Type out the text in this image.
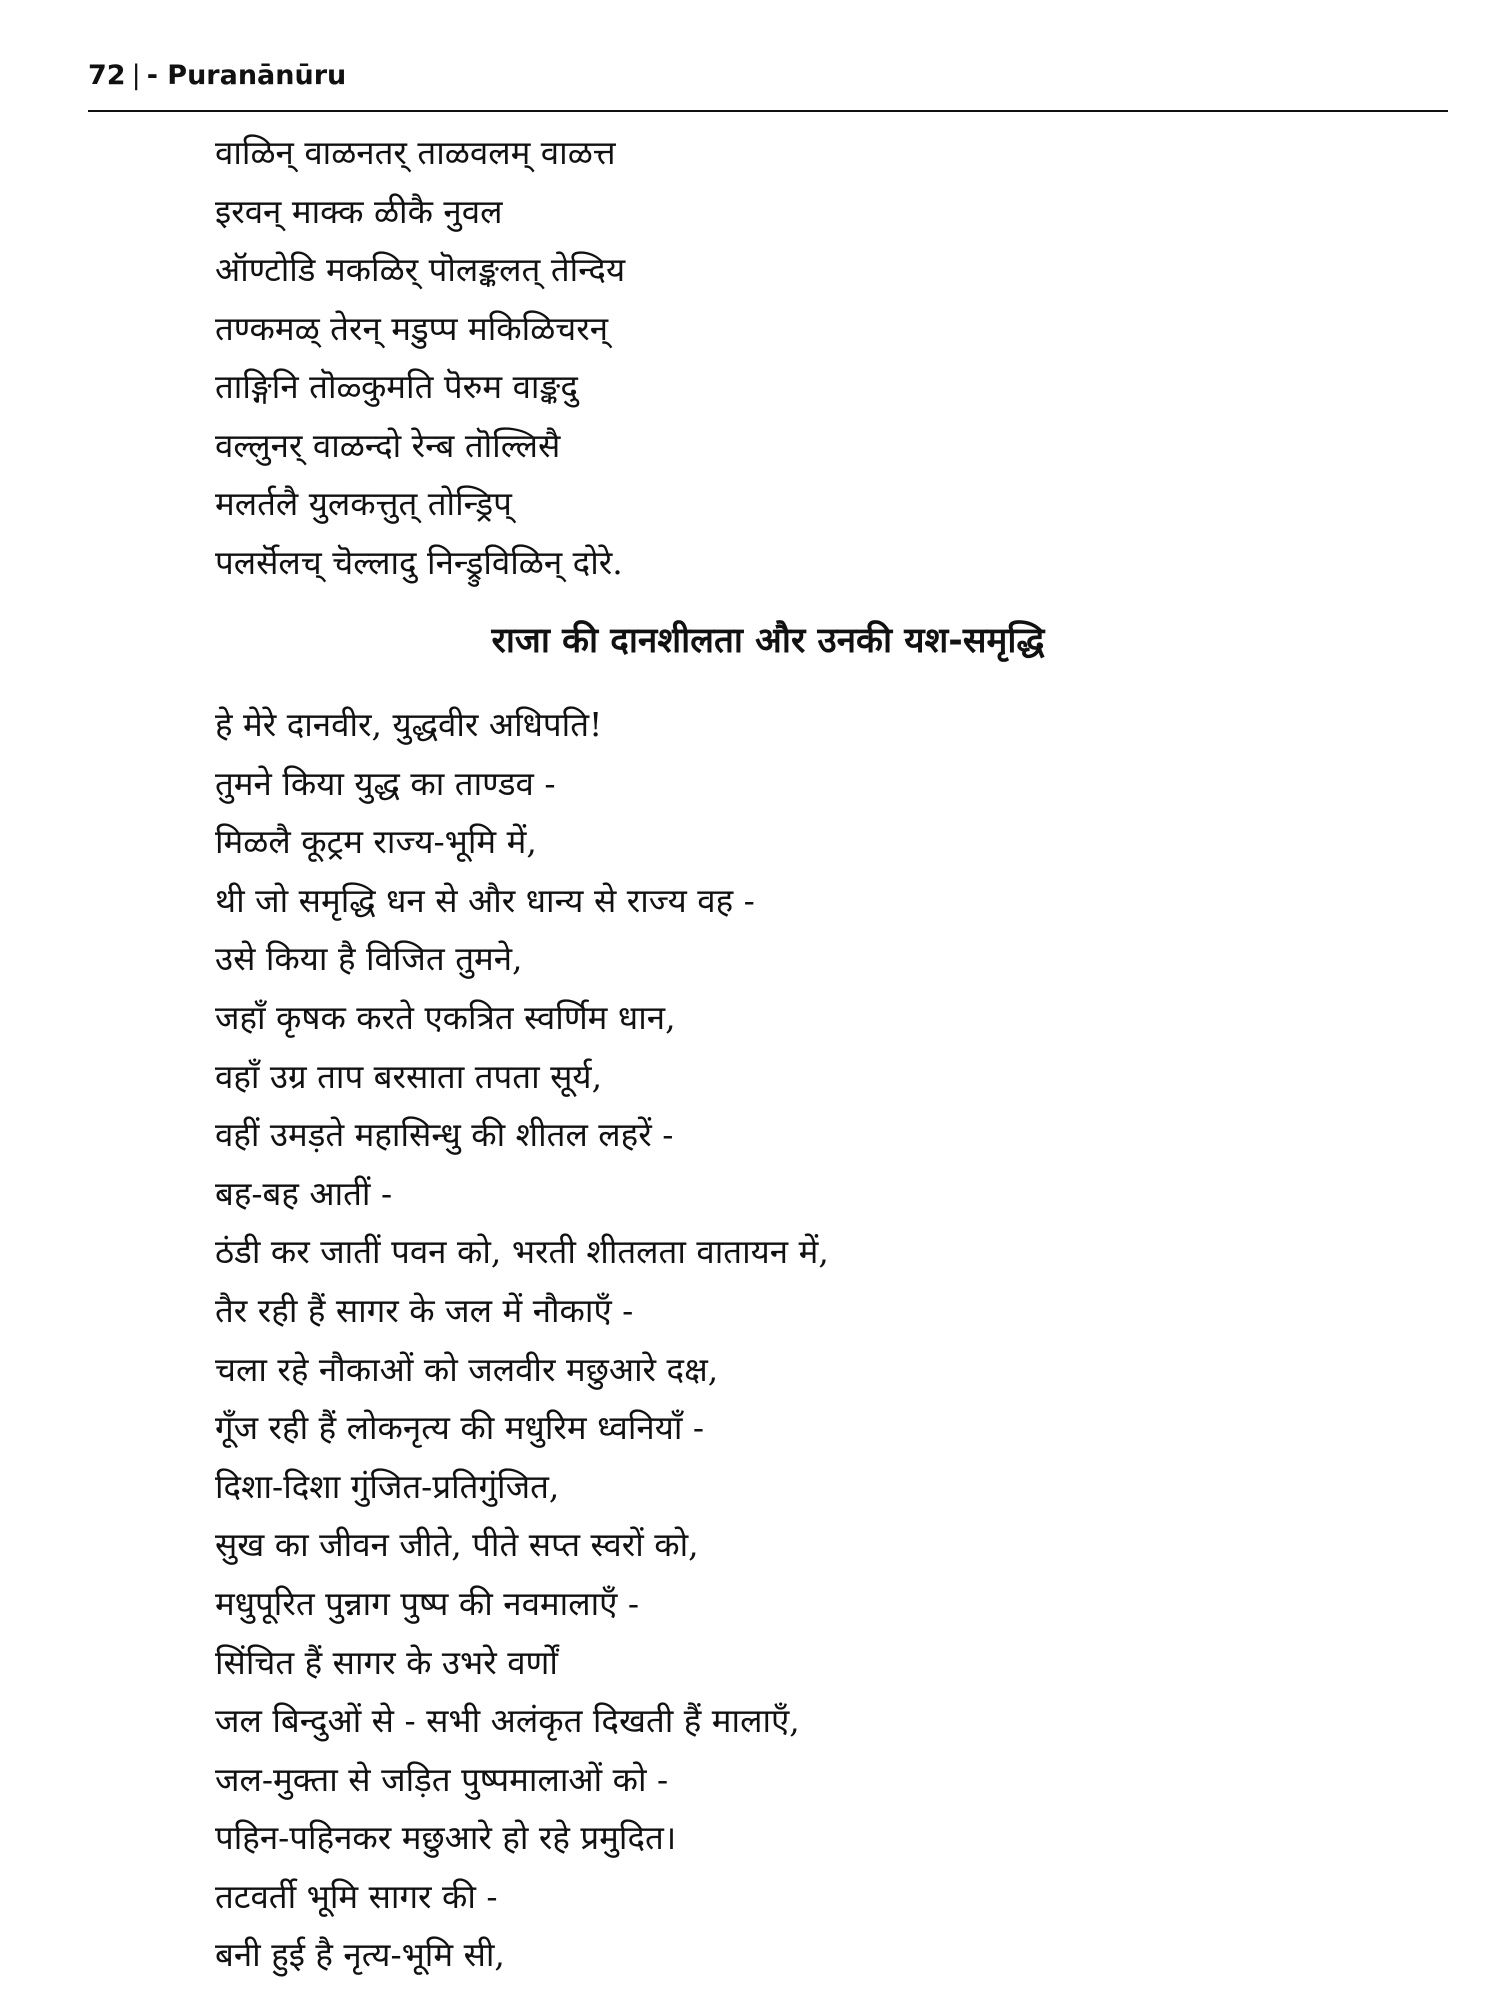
72 | - Puranānūru
वाळिन् वाळनतर् ताळवलम् वाळत्त
इरवन् माक्क ळीकै नुवल
ऑण्टोडि मकळिर् पॊलङ्कलत् तेन्दिय
तण्कमळ् तेरन् मडुप्प मकिळिचरन्
ताङ्गिनि तॊळ्कुमति पॆरुम वाङ्कदु
वल्लुनर् वाळन्दो रेन्ब तॊल्लिसै
मलर्तलै युलकत्तुत् तोन्ड्रिप्
पलर्सॆलच् चॆल्लादु निन्ड्रुविळिन् दोरे.
राजा की दानशीलता और उनकी यश-समृद्धि
हे मेरे दानवीर, युद्धवीर अधिपति!
तुमने किया युद्ध का ताण्डव -
मिळलै कूट्रम राज्य-भूमि में,
थी जो समृद्धि धन से और धान्य से राज्य वह -
उसे किया है विजित तुमने,
जहाँ कृषक करते एकत्रित स्वर्णिम धान,
वहाँ उग्र ताप बरसाता तपता सूर्य,
वहीं उमड़ते महासिन्धु की शीतल लहरें -
बह-बह आतीं -
ठंडी कर जातीं पवन को, भरती शीतलता वातायन में,
तैर रही हैं सागर के जल में नौकाएँ -
चला रहे नौकाओं को जलवीर मछुआरे दक्ष,
गूँज रही हैं लोकनृत्य की मधुरिम ध्वनियाँ -
दिशा-दिशा गुंजित-प्रतिगुंजित,
सुख का जीवन जीते, पीते सप्त स्वरों को,
मधुपूरित पुन्नाग पुष्प की नवमालाएँ -
सिंचित हैं सागर के उभरे वर्णों
जल बिन्दुओं से - सभी अलंकृत दिखती हैं मालाएँ,
जल-मुक्ता से जड़ित पुष्पमालाओं को -
पहिन-पहिनकर मछुआरे हो रहे प्रमुदित।
तटवर्ती भूमि सागर की -
बनी हुई है नृत्य-भूमि सी,
